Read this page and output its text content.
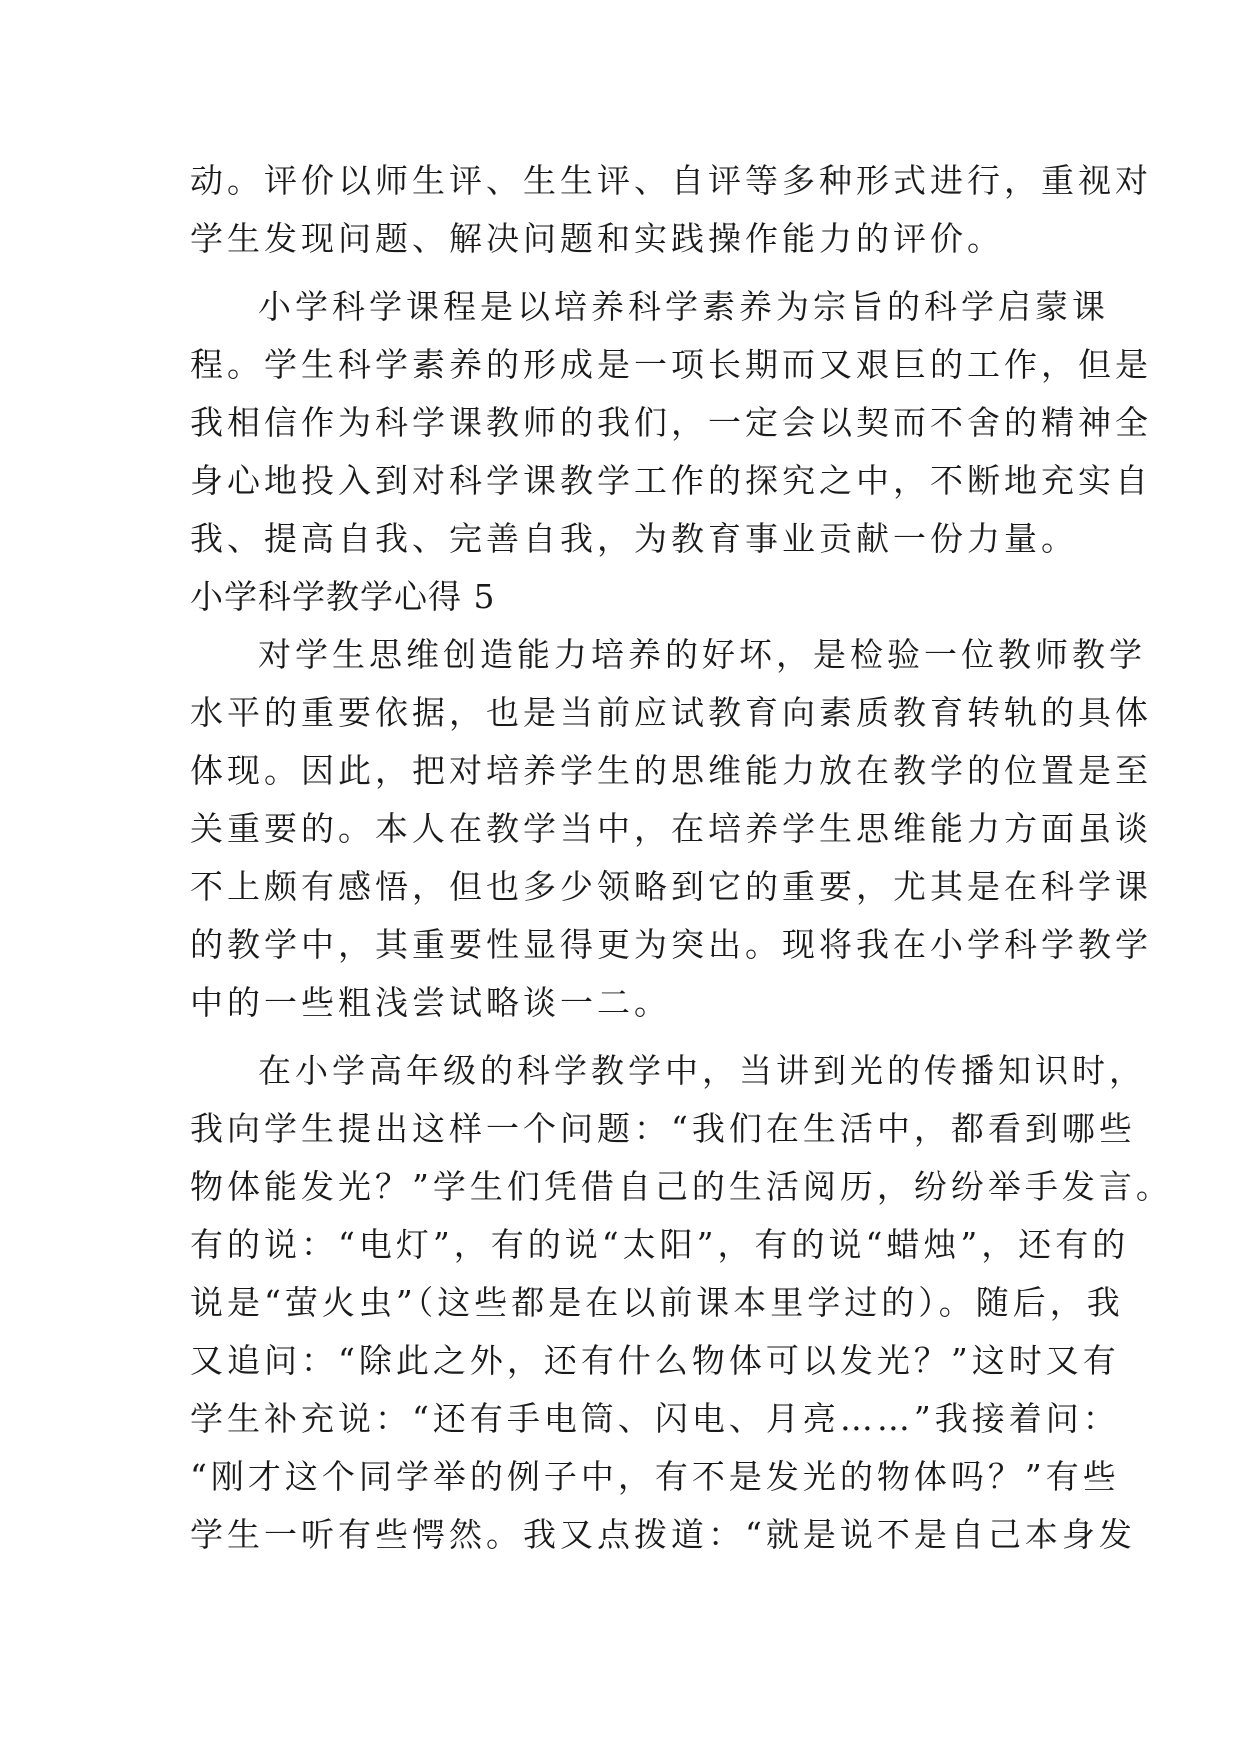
动。评价以师生评、生生评、自评等多种形式进行，重视对
学生发现问题、解决问题和实践操作能力的评价。
小学科学课程是以培养科学素养为宗旨的科学启蒙课
程。学生科学素养的形成是一项长期而又艰巨的工作，但是
我相信作为科学课教师的我们，一定会以契而不舍的精神全
身心地投入到对科学课教学工作的探究之中，不断地充实自
我、提高自我、完善自我，为教育事业贡献一份力量。
小学科学教学心得 5
对学生思维创造能力培养的好坏，是检验一位教师教学
水平的重要依据，也是当前应试教育向素质教育转轨的具体
体现。因此，把对培养学生的思维能力放在教学的位置是至
关重要的。本人在教学当中，在培养学生思维能力方面虽谈
不上颇有感悟，但也多少领略到它的重要，尤其是在科学课
的教学中，其重要性显得更为突出。现将我在小学科学教学
中的一些粗浅尝试略谈一二。
在小学高年级的科学教学中，当讲到光的传播知识时，
我向学生提出这样一个问题：“我们在生活中，都看到哪些
物体能发光？”学生们凭借自己的生活阅历，纷纷举手发言。
有的说：“电灯”，有的说“太阳”，有的说“蜡烛”，还有的
说是“萤火虫”（这些都是在以前课本里学过的）。随后，我
又追问：“除此之外，还有什么物体可以发光？”这时又有
学生补充说：“还有手电筒、闪电、月亮……”我接着问：
“刚才这个同学举的例子中，有不是发光的物体吗？”有些
学生一听有些愕然。我又点拨道：“就是说不是自己本身发
